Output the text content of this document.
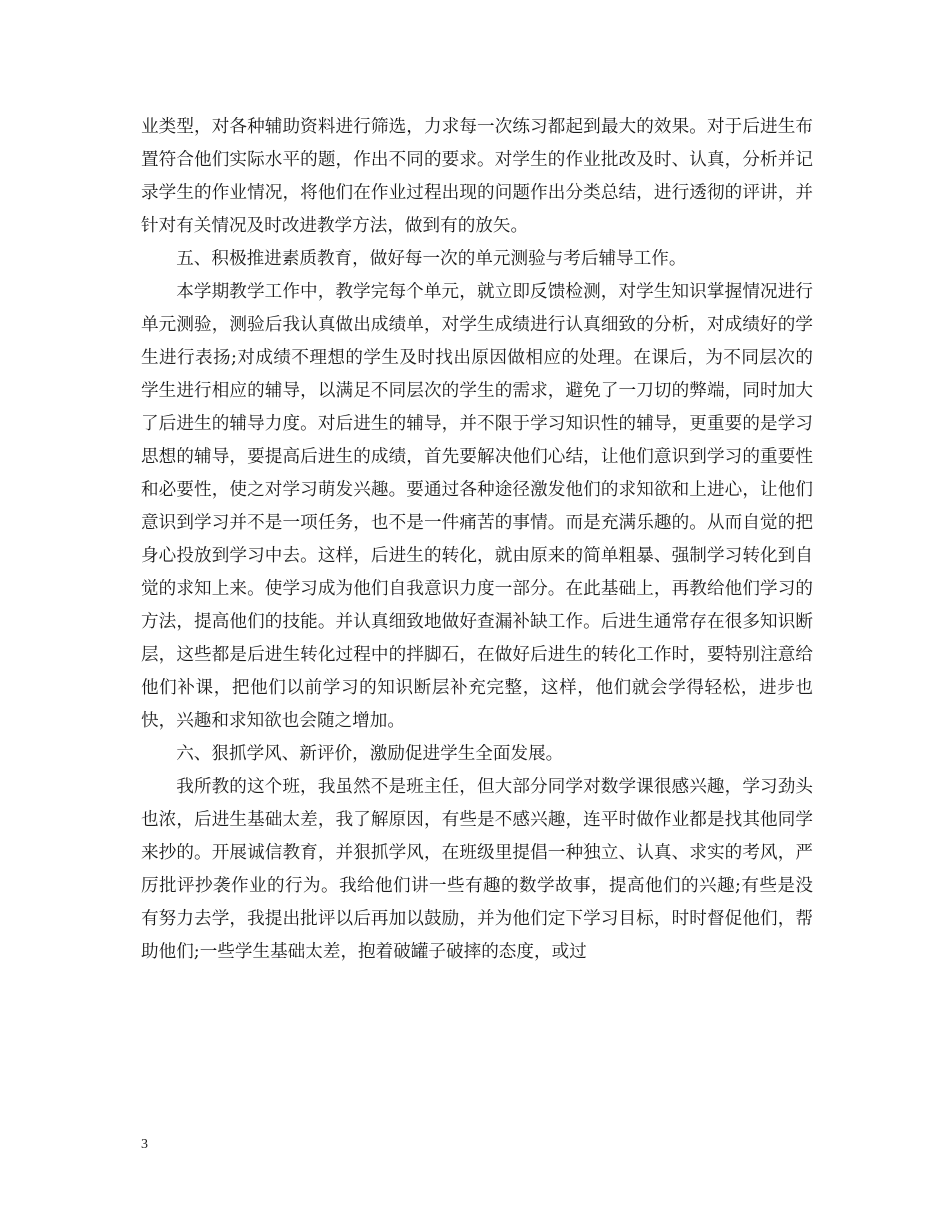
业类型，对各种辅助资料进行筛选，力求每一次练习都起到最大的效果。对于后进生布置符合他们实际水平的题，作出不同的要求。对学生的作业批改及时、认真，分析并记录学生的作业情况，将他们在作业过程出现的问题作出分类总结，进行透彻的评讲，并针对有关情况及时改进教学方法，做到有的放矢。

五、积极推进素质教育，做好每一次的单元测验与考后辅导工作。

本学期教学工作中，教学完每个单元，就立即反馈检测，对学生知识掌握情况进行单元测验，测验后我认真做出成绩单，对学生成绩进行认真细致的分析，对成绩好的学生进行表扬;对成绩不理想的学生及时找出原因做相应的处理。在课后，为不同层次的学生进行相应的辅导，以满足不同层次的学生的需求，避免了一刀切的弊端，同时加大了后进生的辅导力度。对后进生的辅导，并不限于学习知识性的辅导，更重要的是学习思想的辅导，要提高后进生的成绩，首先要解决他们心结，让他们意识到学习的重要性和必要性，使之对学习萌发兴趣。要通过各种途径激发他们的求知欲和上进心，让他们意识到学习并不是一项任务，也不是一件痛苦的事情。而是充满乐趣的。从而自觉的把身心投放到学习中去。这样，后进生的转化，就由原来的简单粗暴、强制学习转化到自觉的求知上来。使学习成为他们自我意识力度一部分。在此基础上，再教给他们学习的方法，提高他们的技能。并认真细致地做好查漏补缺工作。后进生通常存在很多知识断层，这些都是后进生转化过程中的拌脚石，在做好后进生的转化工作时，要特别注意给他们补课，把他们以前学习的知识断层补充完整，这样，他们就会学得轻松，进步也快，兴趣和求知欲也会随之增加。

六、狠抓学风、新评价，激励促进学生全面发展。

我所教的这个班，我虽然不是班主任，但大部分同学对数学课很感兴趣，学习劲头也浓，后进生基础太差，我了解原因，有些是不感兴趣，连平时做作业都是找其他同学来抄的。开展诚信教育，并狠抓学风，在班级里提倡一种独立、认真、求实的考风，严厉批评抄袭作业的行为。我给他们讲一些有趣的数学故事，提高他们的兴趣;有些是没有努力去学，我提出批评以后再加以鼓励，并为他们定下学习目标，时时督促他们，帮助他们;一些学生基础太差，抱着破罐子破摔的态度，或过

3
